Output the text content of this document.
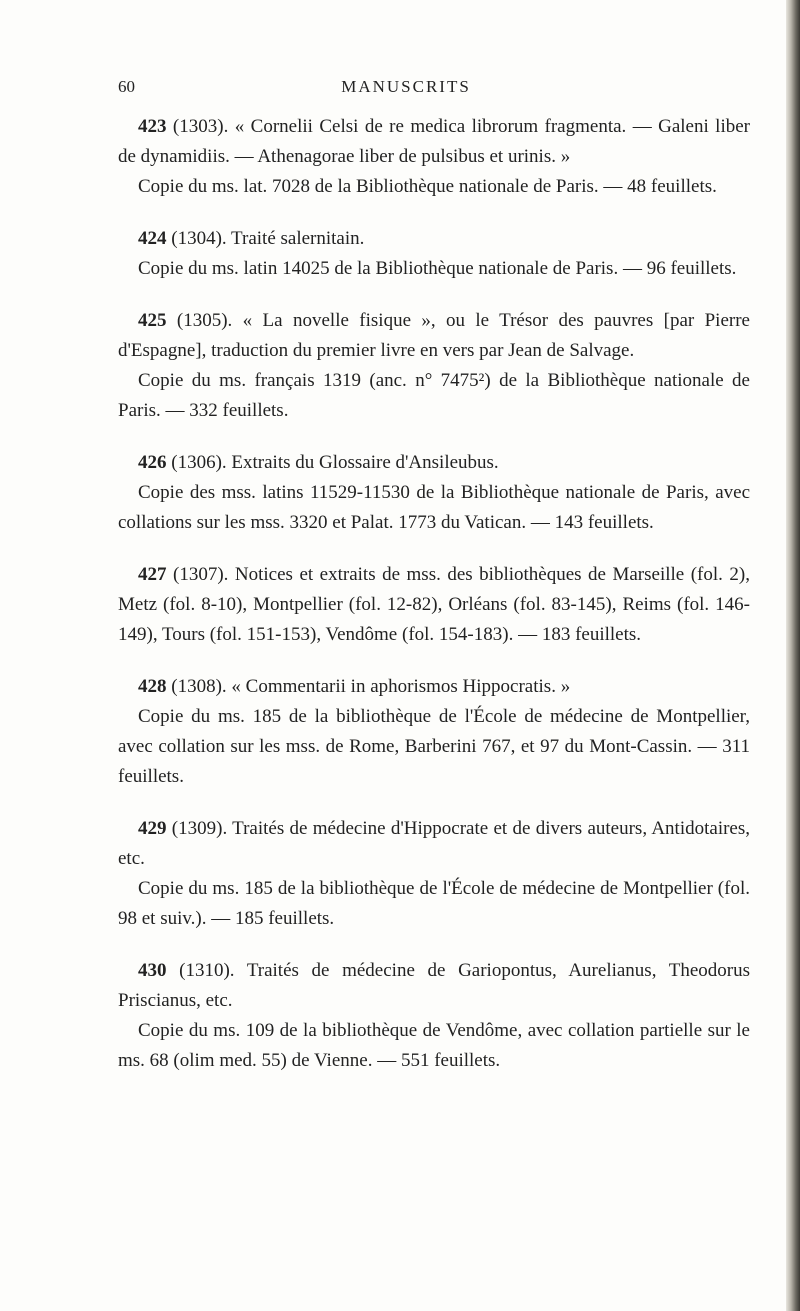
60	MANUSCRITS

423 (1303). « Cornelii Celsi de re medica librorum fragmenta. — Galeni liber de dynamidiis. — Athenagorae liber de pulsibus et urinis. »

Copie du ms. lat. 7028 de la Bibliothèque nationale de Paris. — 48 feuillets.

424 (1304). Traité salernitain.

Copie du ms. latin 14025 de la Bibliothèque nationale de Paris. — 96 feuillets.

425 (1305). « La novelle fisique », ou le Trésor des pauvres [par Pierre d'Espagne], traduction du premier livre en vers par Jean de Salvage.

Copie du ms. français 1319 (anc. n° 7475²) de la Bibliothèque nationale de Paris. — 332 feuillets.

426 (1306). Extraits du Glossaire d'Ansileubus.

Copie des mss. latins 11529-11530 de la Bibliothèque nationale de Paris, avec collations sur les mss. 3320 et Palat. 1773 du Vatican. — 143 feuillets.

427 (1307). Notices et extraits de mss. des bibliothèques de Marseille (fol. 2), Metz (fol. 8-10), Montpellier (fol. 12-82), Orléans (fol. 83-145), Reims (fol. 146-149), Tours (fol. 151-153), Vendôme (fol. 154-183). — 183 feuillets.

428 (1308). « Commentarii in aphorismos Hippocratis. »

Copie du ms. 185 de la bibliothèque de l'École de médecine de Montpellier, avec collation sur les mss. de Rome, Barberini 767, et 97 du Mont-Cassin. — 311 feuillets.

429 (1309). Traités de médecine d'Hippocrate et de divers auteurs, Antidotaires, etc.

Copie du ms. 185 de la bibliothèque de l'École de médecine de Montpellier (fol. 98 et suiv.). — 185 feuillets.

430 (1310). Traités de médecine de Gariopontus, Aurelianus, Theodorus Priscianus, etc.

Copie du ms. 109 de la bibliothèque de Vendôme, avec collation partielle sur le ms. 68 (olim med. 55) de Vienne. — 551 feuillets.
